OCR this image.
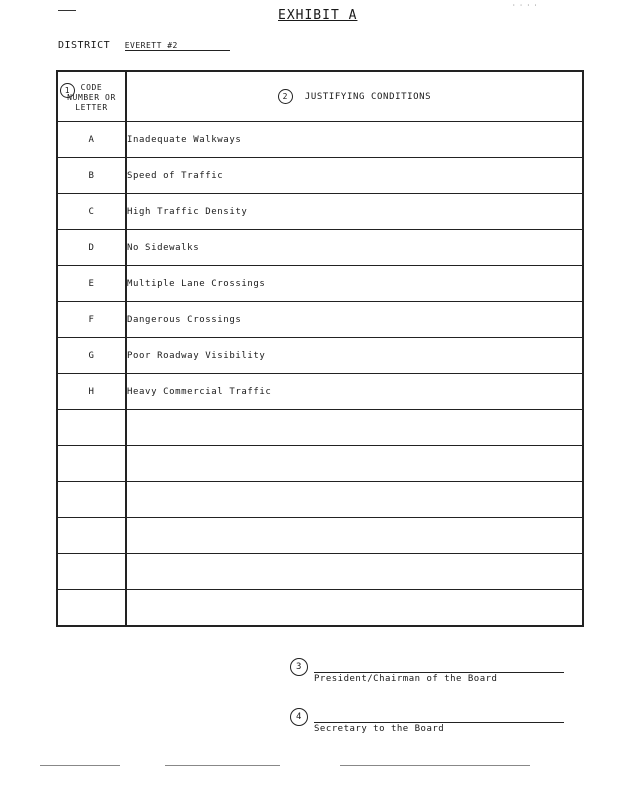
· · · ·
EXHIBIT A
DISTRICT EVERETT #2
1 CODE NUMBER OR LETTER	2 JUSTIFYING CONDITIONS
A	Inadequate Walkways
B	Speed of Traffic
C	High Traffic Density
D	No Sidewalks
E	Multiple Lane Crossings
F	Dangerous Crossings
G	Poor Roadway Visibility
H	Heavy Commercial Traffic

3
President/Chairman of the Board
4
Secretary to the Board
